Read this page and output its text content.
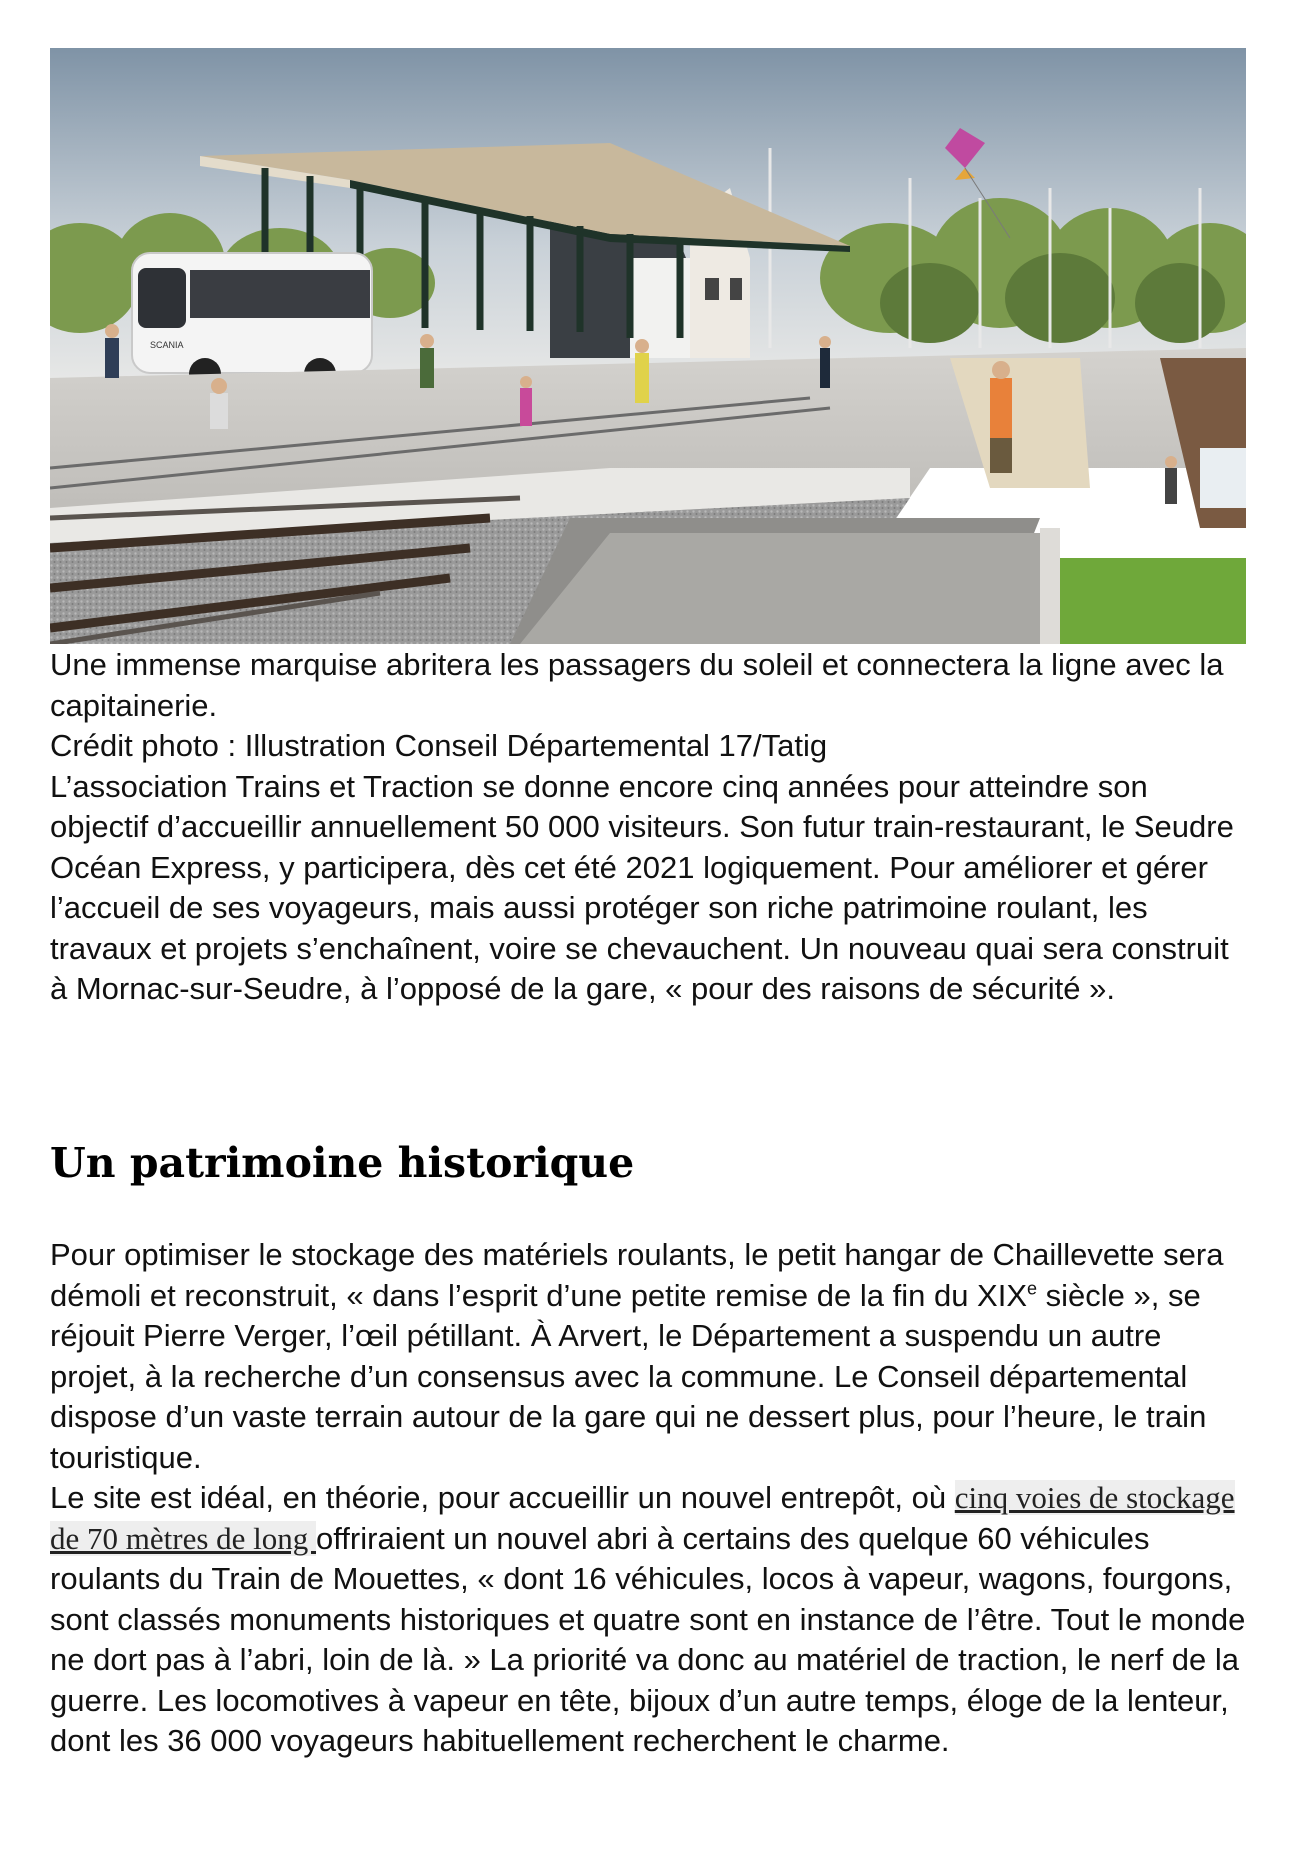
SCANIA

Une immense marquise abritera les passagers du soleil et connectera la ligne avec la capitainerie.

Crédit photo : Illustration Conseil Départemental 17/Tatig

L’association Trains et Traction se donne encore cinq années pour atteindre son objectif d’accueillir annuellement 50 000 visiteurs. Son futur train-restaurant, le Seudre Océan Express, y participera, dès cet été 2021 logiquement. Pour améliorer et gérer l’accueil de ses voyageurs, mais aussi protéger son riche patrimoine roulant, les travaux et projets s’enchaînent, voire se chevauchent. Un nouveau quai sera construit à Mornac-sur-Seudre, à l’opposé de la gare, « pour des raisons de sécurité ».

Un patrimoine historique

Pour optimiser le stockage des matériels roulants, le petit hangar de Chaillevette sera démoli et reconstruit, « dans l’esprit d’une petite remise de la fin du XIXe siècle », se réjouit Pierre Verger, l’œil pétillant. À Arvert, le Département a suspendu un autre projet, à la recherche d’un consensus avec la commune. Le Conseil départemental dispose d’un vaste terrain autour de la gare qui ne dessert plus, pour l’heure, le train touristique.

Le site est idéal, en théorie, pour accueillir un nouvel entrepôt, où cinq voies de stockage de 70 mètres de long offriraient un nouvel abri à certains des quelque 60 véhicules roulants du Train de Mouettes, « dont 16 véhicules, locos à vapeur, wagons, fourgons, sont classés monuments historiques et quatre sont en instance de l’être. Tout le monde ne dort pas à l’abri, loin de là. » La priorité va donc au matériel de traction, le nerf de la guerre. Les locomotives à vapeur en tête, bijoux d’un autre temps, éloge de la lenteur, dont les 36 000 voyageurs habituellement recherchent le charme.
